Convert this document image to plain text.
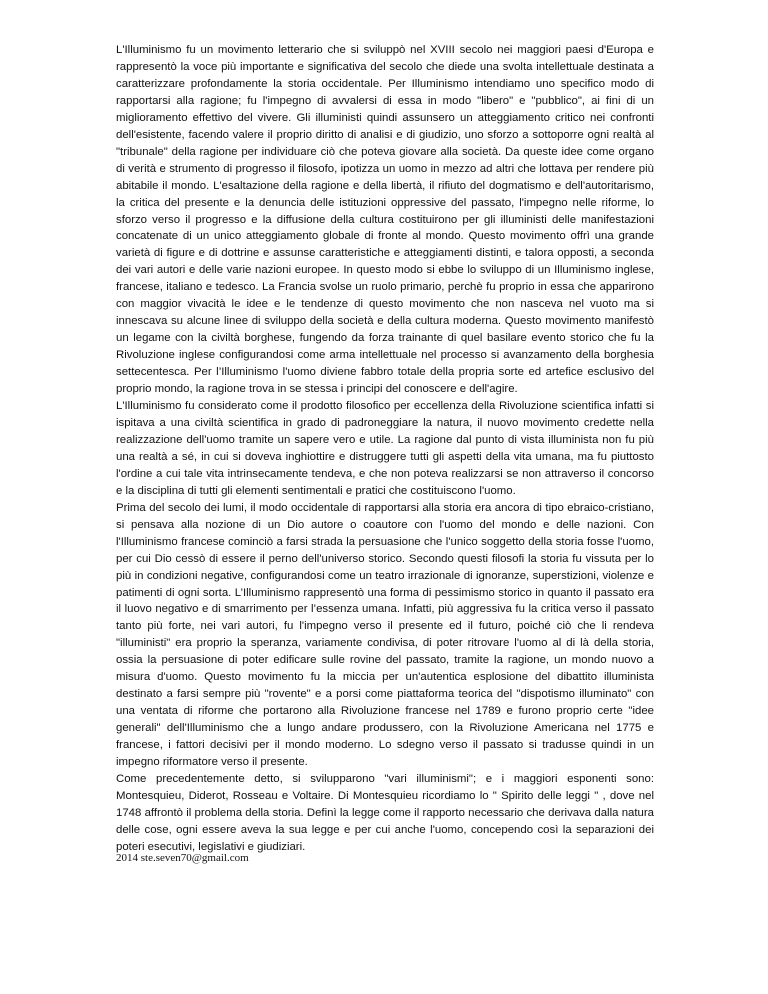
L'Illuminismo fu un movimento letterario che si sviluppò nel XVIII secolo nei maggiori paesi d'Europa e rappresentò la voce più importante e significativa del secolo che diede una svolta intellettuale destinata a caratterizzare profondamente la storia occidentale. Per Illuminismo intendiamo uno specifico modo di rapportarsi alla ragione; fu l'impegno di avvalersi di essa in modo "libero" e "pubblico", ai fini di un miglioramento effettivo del vivere. Gli illuministi quindi assunsero un atteggiamento critico nei confronti dell'esistente, facendo valere il proprio diritto di analisi e di giudizio, uno sforzo a sottoporre ogni realtà al "tribunale" della ragione per individuare ciò che poteva giovare alla società. Da queste idee come organo di verità e strumento di progresso il filosofo, ipotizza un uomo in mezzo ad altri che lottava per rendere più abitabile il mondo. L'esaltazione della ragione e della libertà, il rifiuto del dogmatismo e dell'autoritarismo, la critica del presente e la denuncia delle istituzioni oppressive del passato, l'impegno nelle riforme, lo sforzo verso il progresso e la diffusione della cultura costituirono per gli illuministi delle manifestazioni concatenate di un unico atteggiamento globale di fronte al mondo. Questo movimento offrì una grande varietà di figure e di dottrine e assunse caratteristiche e atteggiamenti distinti, e talora opposti, a seconda dei vari autori e delle varie nazioni europee. In questo modo si ebbe lo sviluppo di un Illuminismo inglese, francese, italiano e tedesco. La Francia svolse un ruolo primario, perchè fu proprio in essa che apparirono con maggior vivacità le idee e le tendenze di questo movimento che non nasceva nel vuoto ma si innescava su alcune linee di sviluppo della società e della cultura moderna. Questo movimento manifestò un legame con la civiltà borghese, fungendo da forza trainante di quel basilare evento storico che fu la Rivoluzione inglese configurandosi come arma intellettuale nel processo si avanzamento della borghesia settecentesca. Per l’Illuminismo l'uomo diviene fabbro totale della propria sorte ed artefice esclusivo del proprio mondo, la ragione trova in se stessa i principi del conoscere e dell'agire.

L'Illuminismo fu considerato come il prodotto filosofico per eccellenza della Rivoluzione scientifica infatti si ispitava a una civiltà scientifica in grado di padroneggiare la natura, il nuovo movimento credette nella realizzazione dell'uomo tramite un sapere vero e utile. La ragione dal punto di vista illuminista non fu più una realtà a sé, in cui si doveva inghiottire e distruggere tutti gli aspetti della vita umana, ma fu piuttosto l'ordine a cui tale vita intrinsecamente tendeva, e che non poteva realizzarsi se non attraverso il concorso e la disciplina di tutti gli elementi sentimentali e pratici che costituiscono l'uomo.

Prima del secolo dei lumi, il modo occidentale di rapportarsi alla storia era ancora di tipo ebraico-cristiano, si pensava alla nozione di un Dio autore o coautore con l'uomo del mondo e delle nazioni. Con l'Illuminismo francese cominciò a farsi strada la persuasione che l'unico soggetto della storia fosse l'uomo, per cui Dio cessò di essere il perno dell'universo storico. Secondo questi filosofi la storia fu vissuta per lo più in condizioni negative, configurandosi come un teatro irrazionale di ignoranze, superstizioni, violenze e patimenti di ogni sorta. L’Illuminismo rappresentò una forma di pessimismo storico in quanto il passato era il luovo negativo e di smarrimento per l’essenza umana. Infatti, più aggressiva fu la critica verso il passato tanto più forte, nei vari autori, fu l'impegno verso il presente ed il futuro, poiché ciò che li rendeva "illuministi" era proprio la speranza, variamente condivisa, di poter ritrovare l'uomo al di là della storia, ossia la persuasione di poter edificare sulle rovine del passato, tramite la ragione, un mondo nuovo a misura d'uomo. Questo movimento fu la miccia per un'autentica esplosione del dibattito illuminista destinato a farsi sempre più "rovente" e a porsi come piattaforma teorica del "dispotismo illuminato" con una ventata di riforme che portarono alla Rivoluzione francese nel 1789 e furono proprio certe "idee generali" dell'Illuminismo che a lungo andare produssero, con la Rivoluzione Americana nel 1775 e francese, i fattori decisivi per il mondo moderno. Lo sdegno verso il passato si tradusse quindi in un impegno riformatore verso il presente.

Come precedentemente detto, si svilupparono "vari illuminismi"; e i maggiori esponenti sono: Montesquieu, Diderot, Rosseau e Voltaire. Di Montesquieu ricordiamo lo " Spirito delle leggi " , dove nel 1748 affrontò il problema della storia. Definì la legge come il rapporto necessario che derivava dalla natura delle cose, ogni essere aveva la sua legge e per cui anche l'uomo, concependo così la separazioni dei poteri esecutivi, legislativi e giudiziari.

2014 ste.seven70@gmail.com
